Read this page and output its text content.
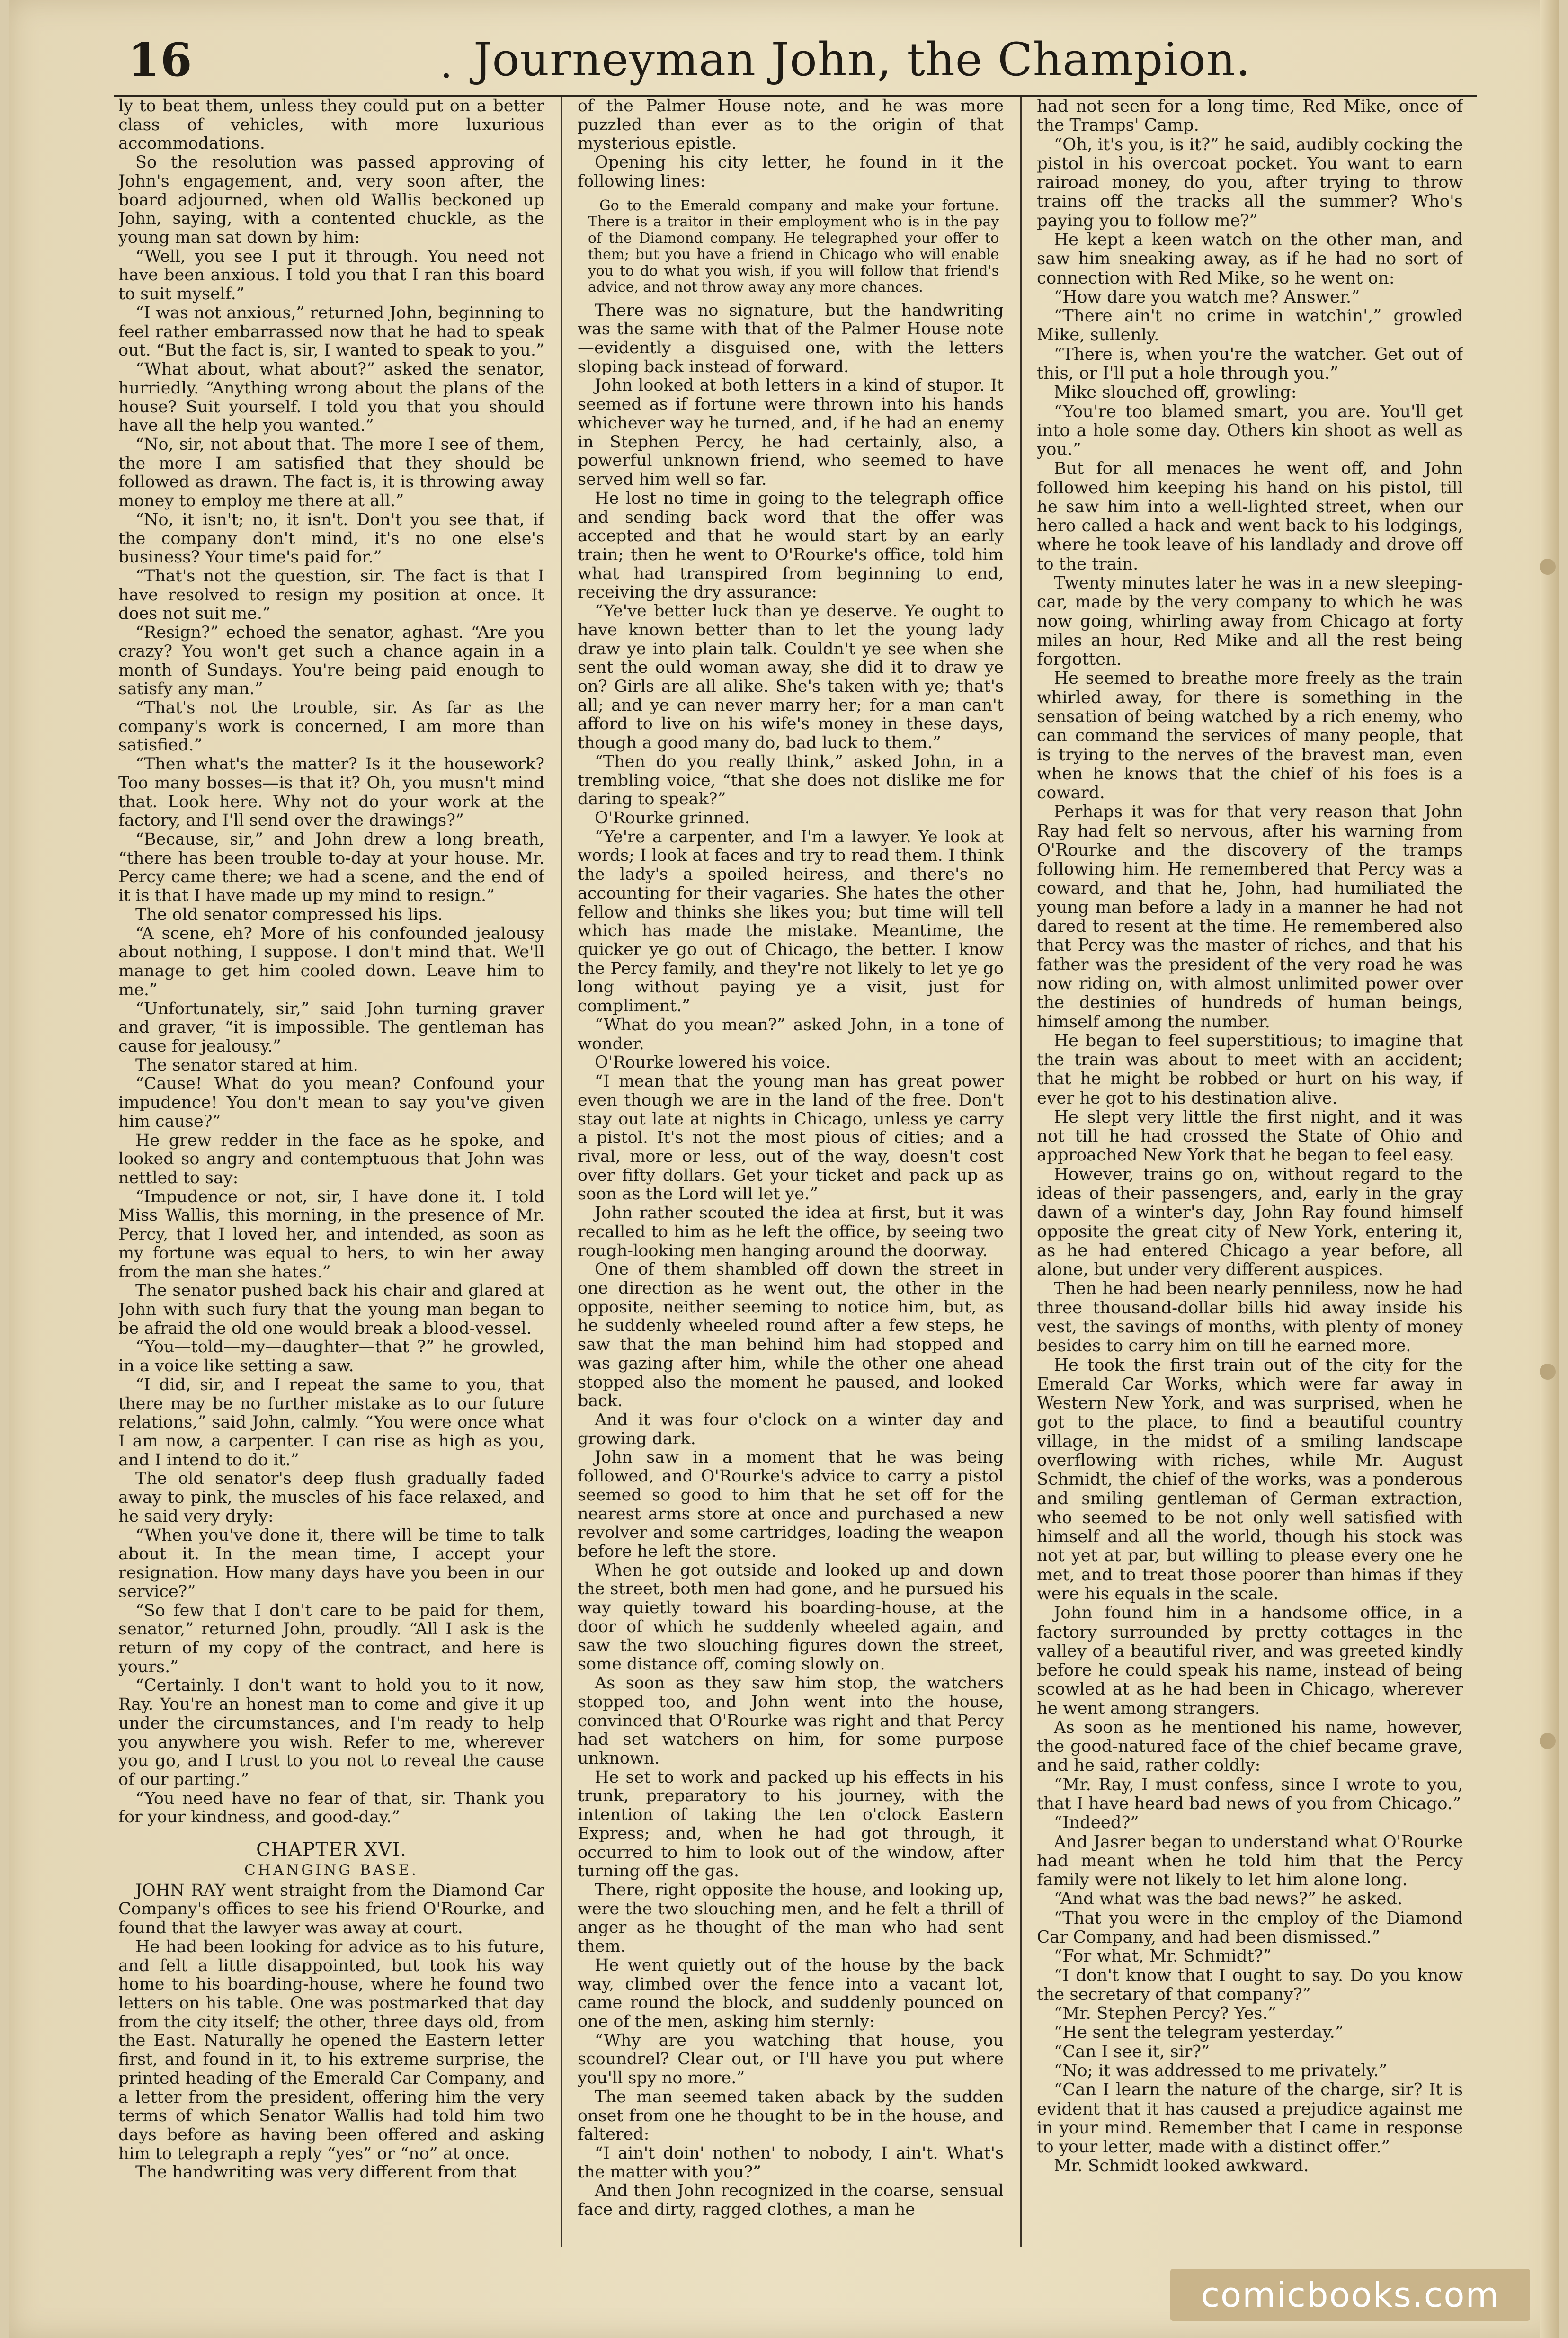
16	. Journeyman John, the Champion.

ly to beat them, unless they could put on a better class of vehicles, with more luxurious accommodations.

So the resolution was passed approving of John's engagement, and, very soon after, the board adjourned, when old Wallis beckoned up John, saying, with a contented chuckle, as the young man sat down by him:

“Well, you see I put it through. You need not have been anxious. I told you that I ran this board to suit myself.”

“I was not anxious,” returned John, beginning to feel rather embarrassed now that he had to speak out. “But the fact is, sir, I wanted to speak to you.”

“What about, what about?” asked the senator, hurriedly. “Anything wrong about the plans of the house? Suit yourself. I told you that you should have all the help you wanted.”

“No, sir, not about that. The more I see of them, the more I am satisfied that they should be followed as drawn. The fact is, it is throwing away money to employ me there at all.”

“No, it isn't; no, it isn't. Don't you see that, if the company don't mind, it's no one else's business? Your time's paid for.”

“That's not the question, sir. The fact is that I have resolved to resign my position at once. It does not suit me.”

“Resign?” echoed the senator, aghast. “Are you crazy? You won't get such a chance again in a month of Sundays. You're being paid enough to satisfy any man.”

“That's not the trouble, sir. As far as the company's work is concerned, I am more than satisfied.”

“Then what's the matter? Is it the housework? Too many bosses—is that it? Oh, you musn't mind that. Look here. Why not do your work at the factory, and I'll send over the drawings?”

“Because, sir,” and John drew a long breath, “there has been trouble to-day at your house. Mr. Percy came there; we had a scene, and the end of it is that I have made up my mind to resign.”

The old senator compressed his lips.

“A scene, eh? More of his confounded jealousy about nothing, I suppose. I don't mind that. We'll manage to get him cooled down. Leave him to me.”

“Unfortunately, sir,” said John turning graver and graver, “it is impossible. The gentleman has cause for jealousy.”

The senator stared at him.

“Cause! What do you mean? Confound your impudence! You don't mean to say you've given him cause?”

He grew redder in the face as he spoke, and looked so angry and contemptuous that John was nettled to say:

“Impudence or not, sir, I have done it. I told Miss Wallis, this morning, in the presence of Mr. Percy, that I loved her, and intended, as soon as my fortune was equal to hers, to win her away from the man she hates.”

The senator pushed back his chair and glared at John with such fury that the young man began to be afraid the old one would break a blood-vessel.

“You—told—my—daughter—that ?” he growled, in a voice like setting a saw.

“I did, sir, and I repeat the same to you, that there may be no further mistake as to our future relations,” said John, calmly. “You were once what I am now, a carpenter. I can rise as high as you, and I intend to do it.”

The old senator's deep flush gradually faded away to pink, the muscles of his face relaxed, and he said very dryly:

“When you've done it, there will be time to talk about it. In the mean time, I accept your resignation. How many days have you been in our service?”

“So few that I don't care to be paid for them, senator,” returned John, proudly. “All I ask is the return of my copy of the contract, and here is yours.”

“Certainly. I don't want to hold you to it now, Ray. You're an honest man to come and give it up under the circumstances, and I'm ready to help you anywhere you wish. Refer to me, wherever you go, and I trust to you not to reveal the cause of our parting.”

“You need have no fear of that, sir. Thank you for your kindness, and good-day.”

CHAPTER XVI.
CHANGING BASE.

JOHN RAY went straight from the Diamond Car Company's offices to see his friend O'Rourke, and found that the lawyer was away at court.

He had been looking for advice as to his future, and felt a little disappointed, but took his way home to his boarding-house, where he found two letters on his table. One was postmarked that day from the city itself; the other, three days old, from the East. Naturally he opened the Eastern letter first, and found in it, to his extreme surprise, the printed heading of the Emerald Car Company, and a letter from the president, offering him the very terms of which Senator Wallis had told him two days before as having been offered and asking him to telegraph a reply “yes” or “no” at once.

The handwriting was very different from that

of the Palmer House note, and he was more puzzled than ever as to the origin of that mysterious epistle.

Opening his city letter, he found in it the following lines:

Go to the Emerald company and make your fortune. There is a traitor in their employment who is in the pay of the Diamond company. He telegraphed your offer to them; but you have a friend in Chicago who will enable you to do what you wish, if you will follow that friend's advice, and not throw away any more chances.

There was no signature, but the handwriting was the same with that of the Palmer House note—evidently a disguised one, with the letters sloping back instead of forward.

John looked at both letters in a kind of stupor. It seemed as if fortune were thrown into his hands whichever way he turned, and, if he had an enemy in Stephen Percy, he had certainly, also, a powerful unknown friend, who seemed to have served him well so far.

He lost no time in going to the telegraph office and sending back word that the offer was accepted and that he would start by an early train; then he went to O'Rourke's office, told him what had transpired from beginning to end, receiving the dry assurance:

“Ye've better luck than ye deserve. Ye ought to have known better than to let the young lady draw ye into plain talk. Couldn't ye see when she sent the ould woman away, she did it to draw ye on? Girls are all alike. She's taken with ye; that's all; and ye can never marry her; for a man can't afford to live on his wife's money in these days, though a good many do, bad luck to them.”

“Then do you really think,” asked John, in a trembling voice, “that she does not dislike me for daring to speak?”

O'Rourke grinned.

“Ye're a carpenter, and I'm a lawyer. Ye look at words; I look at faces and try to read them. I think the lady's a spoiled heiress, and there's no accounting for their vagaries. She hates the other fellow and thinks she likes you; but time will tell which has made the mistake. Meantime, the quicker ye go out of Chicago, the better. I know the Percy family, and they're not likely to let ye go long without paying ye a visit, just for compliment.”

“What do you mean?” asked John, in a tone of wonder.

O'Rourke lowered his voice.

“I mean that the young man has great power even though we are in the land of the free. Don't stay out late at nights in Chicago, unless ye carry a pistol. It's not the most pious of cities; and a rival, more or less, out of the way, doesn't cost over fifty dollars. Get your ticket and pack up as soon as the Lord will let ye.”

John rather scouted the idea at first, but it was recalled to him as he left the office, by seeing two rough-looking men hanging around the doorway.

One of them shambled off down the street in one direction as he went out, the other in the opposite, neither seeming to notice him, but, as he suddenly wheeled round after a few steps, he saw that the man behind him had stopped and was gazing after him, while the other one ahead stopped also the moment he paused, and looked back.

And it was four o'clock on a winter day and growing dark.

John saw in a moment that he was being followed, and O'Rourke's advice to carry a pistol seemed so good to him that he set off for the nearest arms store at once and purchased a new revolver and some cartridges, loading the weapon before he left the store.

When he got outside and looked up and down the street, both men had gone, and he pursued his way quietly toward his boarding-house, at the door of which he suddenly wheeled again, and saw the two slouching figures down the street, some distance off, coming slowly on.

As soon as they saw him stop, the watchers stopped too, and John went into the house, convinced that O'Rourke was right and that Percy had set watchers on him, for some purpose unknown.

He set to work and packed up his effects in his trunk, preparatory to his journey, with the intention of taking the ten o'clock Eastern Express; and, when he had got through, it occurred to him to look out of the window, after turning off the gas.

There, right opposite the house, and looking up, were the two slouching men, and he felt a thrill of anger as he thought of the man who had sent them.

He went quietly out of the house by the back way, climbed over the fence into a vacant lot, came round the block, and suddenly pounced on one of the men, asking him sternly:

“Why are you watching that house, you scoundrel? Clear out, or I'll have you put where you'll spy no more.”

The man seemed taken aback by the sudden onset from one he thought to be in the house, and faltered:

“I ain't doin' nothen' to nobody, I ain't. What's the matter with you?”

And then John recognized in the coarse, sensual face and dirty, ragged clothes, a man he

had not seen for a long time, Red Mike, once of the Tramps' Camp.

“Oh, it's you, is it?” he said, audibly cocking the pistol in his overcoat pocket. You want to earn rairoad money, do you, after trying to throw trains off the tracks all the summer? Who's paying you to follow me?”

He kept a keen watch on the other man, and saw him sneaking away, as if he had no sort of connection with Red Mike, so he went on:

“How dare you watch me? Answer.”

“There ain't no crime in watchin',” growled Mike, sullenly.

“There is, when you're the watcher. Get out of this, or I'll put a hole through you.”

Mike slouched off, growling:

“You're too blamed smart, you are. You'll get into a hole some day. Others kin shoot as well as you.”

But for all menaces he went off, and John followed him keeping his hand on his pistol, till he saw him into a well-lighted street, when our hero called a hack and went back to his lodgings, where he took leave of his landlady and drove off to the train.

Twenty minutes later he was in a new sleeping-car, made by the very company to which he was now going, whirling away from Chicago at forty miles an hour, Red Mike and all the rest being forgotten.

He seemed to breathe more freely as the train whirled away, for there is something in the sensation of being watched by a rich enemy, who can command the services of many people, that is trying to the nerves of the bravest man, even when he knows that the chief of his foes is a coward.

Perhaps it was for that very reason that John Ray had felt so nervous, after his warning from O'Rourke and the discovery of the tramps following him. He remembered that Percy was a coward, and that he, John, had humiliated the young man before a lady in a manner he had not dared to resent at the time. He remembered also that Percy was the master of riches, and that his father was the president of the very road he was now riding on, with almost unlimited power over the destinies of hundreds of human beings, himself among the number.

He began to feel superstitious; to imagine that the train was about to meet with an accident; that he might be robbed or hurt on his way, if ever he got to his destination alive.

He slept very little the first night, and it was not till he had crossed the State of Ohio and approached New York that he began to feel easy.

However, trains go on, without regard to the ideas of their passengers, and, early in the gray dawn of a winter's day, John Ray found himself opposite the great city of New York, entering it, as he had entered Chicago a year before, all alone, but under very different auspices.

Then he had been nearly penniless, now he had three thousand-dollar bills hid away inside his vest, the savings of months, with plenty of money besides to carry him on till he earned more.

He took the first train out of the city for the Emerald Car Works, which were far away in Western New York, and was surprised, when he got to the place, to find a beautiful country village, in the midst of a smiling landscape overflowing with riches, while Mr. August Schmidt, the chief of the works, was a ponderous and smiling gentleman of German extraction, who seemed to be not only well satisfied with himself and all the world, though his stock was not yet at par, but willing to please every one he met, and to treat those poorer than himas if they were his equals in the scale.

John found him in a handsome office, in a factory surrounded by pretty cottages in the valley of a beautiful river, and was greeted kindly before he could speak his name, instead of being scowled at as he had been in Chicago, wherever he went among strangers.

As soon as he mentioned his name, however, the good-natured face of the chief became grave, and he said, rather coldly:

“Mr. Ray, I must confess, since I wrote to you, that I have heard bad news of you from Chicago.”

“Indeed?”

And Jasrer began to understand what O'Rourke had meant when he told him that the Percy family were not likely to let him alone long.

“And what was the bad news?” he asked.

“That you were in the employ of the Diamond Car Company, and had been dismissed.”

“For what, Mr. Schmidt?”

“I don't know that I ought to say. Do you know the secretary of that company?”

“Mr. Stephen Percy? Yes.”

“He sent the telegram yesterday.”

“Can I see it, sir?”

“No; it was addressed to me privately.”

“Can I learn the nature of the charge, sir? It is evident that it has caused a prejudice against me in your mind. Remember that I came in response to your letter, made with a distinct offer.”

Mr. Schmidt looked awkward.

comicbooks.com
